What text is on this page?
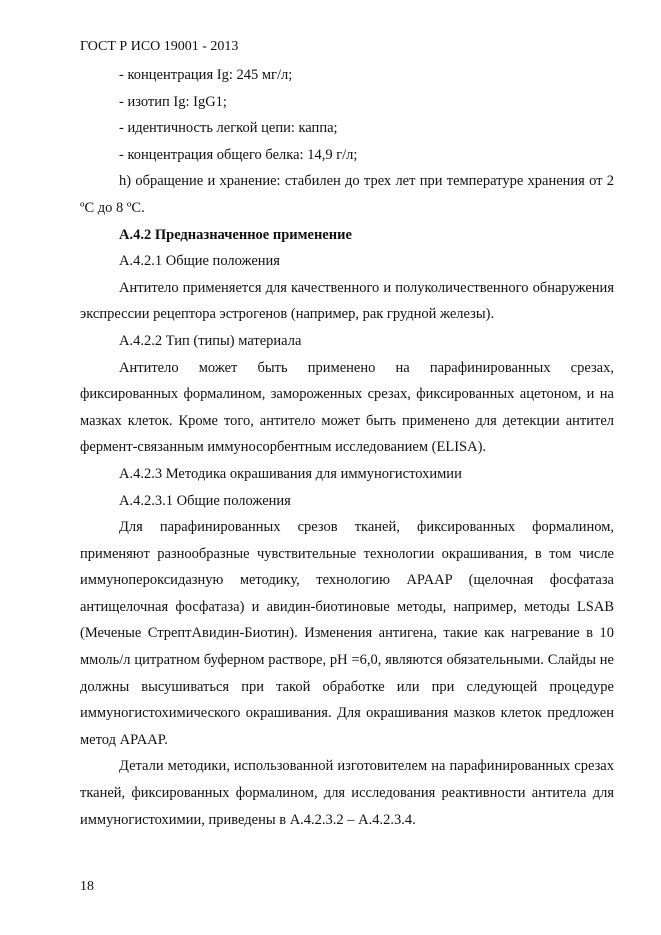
ГОСТ Р ИСО 19001 - 2013

- концентрация Ig: 245 мг/л;

- изотип Ig: IgG1;

- идентичность легкой цепи: каппа;

- концентрация общего белка: 14,9 г/л;

h) обращение и хранение: стабилен до трех лет при температуре хранения от 2 ºС до 8 ºС.

А.4.2 Предназначенное применение

А.4.2.1 Общие положения

Антитело применяется для качественного и полуколичественного обнаружения экспрессии рецептора эстрогенов (например, рак грудной железы).

А.4.2.2 Тип (типы) материала

Антитело может быть применено на парафинированных срезах, фиксированных формалином, замороженных срезах, фиксированных ацетоном, и на мазках клеток. Кроме того, антитело может быть применено для детекции антител фермент-связанным иммуносорбентным исследованием (ELISA).

А.4.2.3 Методика окрашивания для иммуногистохимии

А.4.2.3.1 Общие положения

Для парафинированных срезов тканей, фиксированных формалином, применяют разнообразные чувствительные технологии окрашивания, в том числе иммунопероксидазную методику, технологию APAAP (щелочная фосфатаза антищелочная фосфатаза) и авидин-биотиновые методы, например, методы LSAB (Меченые СтрептАвидин-Биотин). Изменения антигена, такие как нагревание в 10 ммоль/л цитратном буферном растворе, pH =6,0, являются обязательными. Слайды не должны высушиваться при такой обработке или при следующей процедуре иммуногистохимического окрашивания. Для окрашивания мазков клеток предложен метод APAAP.

Детали методики, использованной изготовителем на парафинированных срезах тканей, фиксированных формалином, для исследования реактивности антитела для иммуногистохимии, приведены в А.4.2.3.2 – А.4.2.3.4.

18
